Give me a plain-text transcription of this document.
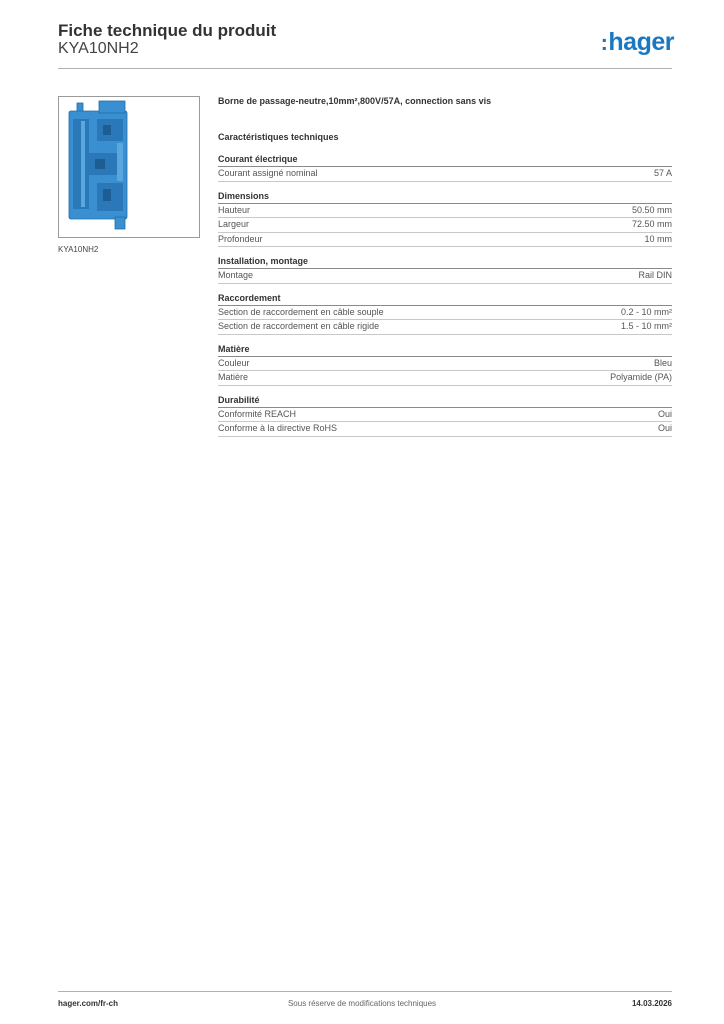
Fiche technique du produit
KYA10NH2	:hager
KYA10NH2
Borne de passage-neutre,10mm²,800V/57A, connection sans vis
Caractéristiques techniques
Courant électrique
Courant assigné nominal	57 A
Dimensions
Hauteur	50.50 mm
Largeur	72.50 mm
Profondeur	10 mm
Installation, montage
Montage	Rail DIN
Raccordement
Section de raccordement en câble souple	0.2 - 10 mm²
Section de raccordement en câble rigide	1.5 - 10 mm²
Matière
Couleur	Bleu
Matière	Polyamide (PA)
Durabilité
Conformité REACH	Oui
Conforme à la directive RoHS	Oui
hager.com/fr-ch	Sous réserve de modifications techniques	14.03.2026
